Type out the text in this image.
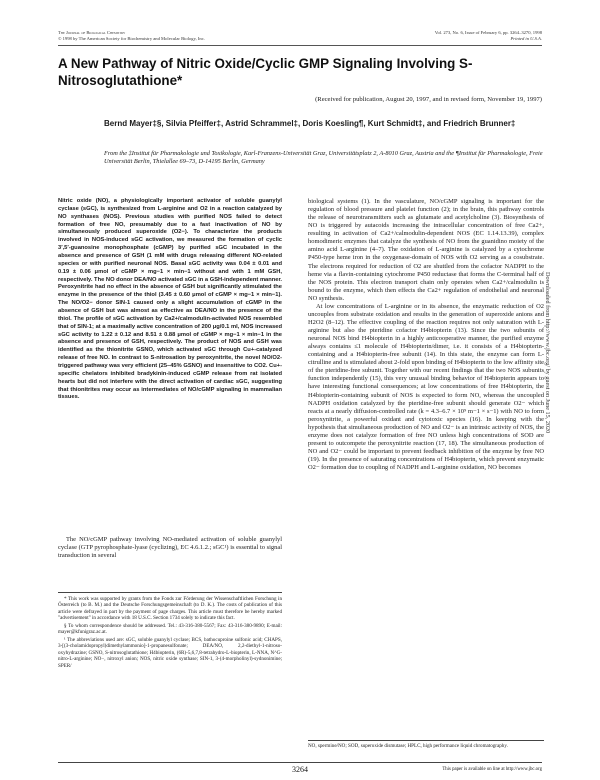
The Journal of Biological Chemistry
© 1998 by The American Society for Biochemistry and Molecular Biology, Inc.
Vol. 273, No. 6, Issue of February 6, pp. 3264–3270, 1998
Printed in U.S.A.
A New Pathway of Nitric Oxide/Cyclic GMP Signaling Involving S-Nitrosoglutathione*
(Received for publication, August 20, 1997, and in revised form, November 19, 1997)
Bernd Mayer‡§, Silvia Pfeiffer‡, Astrid Schrammel‡, Doris Koesling¶, Kurt Schmidt‡, and Friedrich Brunner‡
From the ‡Institut für Pharmakologie und Toxikologie, Karl-Franzens-Universität Graz, Universitätsplatz 2, A-8010 Graz, Austria and the ¶Institut für Pharmakologie, Freie Universität Berlin, Thielallee 69–73, D-14195 Berlin, Germany

Nitric oxide (NO), a physiologically important activator of soluble guanylyl cyclase (sGC), is synthesized from L-arginine and O2 in a reaction catalyzed by NO synthases (NOS). Previous studies with purified NOS failed to detect formation of free NO, presumably due to a fast inactivation of NO by simultaneously produced superoxide (O2−). To characterize the products involved in NOS-induced sGC activation, we measured the formation of cyclic 3′,5′-guanosine monophosphate (cGMP) by purified sGC incubated in the absence and presence of GSH (1 mM with drugs releasing different NO-related species or with purified neuronal NOS. Basal sGC activity was 0.04 ± 0.01 and 0.19 ± 0.06 μmol of cGMP × mg−1 × min−1 without and with 1 mM GSH, respectively. The NO donor DEA/NO activated sGC in a GSH-independent manner. Peroxynitrite had no effect in the absence of GSH but significantly stimulated the enzyme in the presence of the thiol (3.45 ± 0.60 μmol of cGMP × mg−1 × min−1). The NO/O2− donor SIN-1 caused only a slight accumulation of cGMP in the absence of GSH but was almost as effective as DEA/NO in the presence of the thiol. The profile of sGC activation by Ca2+/calmodulin-activated NOS resembled that of SIN-1; at a maximally active concentration of 200 μg/0.1 ml, NOS increased sGC activity to 1.22 ± 0.12 and 8.51 ± 0.88 μmol of cGMP × mg−1 × min−1 in the absence and presence of GSH, respectively. The product of NOS and GSH was identified as the thionitrite GSNO, which activated sGC through Cu+-catalyzed release of free NO. In contrast to S-nitrosation by peroxynitrite, the novel NO/O2-triggered pathway was very efficient (25–45% GSNO) and insensitive to CO2. Cu+-specific chelators inhibited bradykinin-induced cGMP release from rat isolated hearts but did not interfere with the direct activation of cardiac sGC, suggesting that thionitrites may occur as intermediates of NO/cGMP signaling in mammalian tissues.

The NO/cGMP pathway involving NO-mediated activation of soluble guanylyl cyclase (GTP pyrophosphate-lyase (cyclizing), EC 4.6.1.2.; sGC¹) is essential to signal transduction in several

* This work was supported by grants from the Fonds zur Förderung der Wissenschaftlichen Forschung in Österreich (to B. M.) and the Deutsche Forschungsgemeinschaft (to D. K.). The costs of publication of this article were defrayed in part by the payment of page charges. This article must therefore be hereby marked "advertisement" in accordance with 18 U.S.C. Section 1734 solely to indicate this fact.

§ To whom correspondence should be addressed. Tel.: 43-316-380-5567; Fax: 43-316-380-9890; E-mail: mayer@kfunigraz.ac.at.

¹ The abbreviations used are: sGC, soluble guanylyl cyclase; BCS, bathocuproine sulfonic acid; CHAPS, 3-[(3-cholamidopropyl)dimethylammonio]-1-propanesulfonate; DEA/NO, 2,2-diethyl-1-nitroso-oxyhydrazine; GSNO, S-nitrosoglutathione; H4biopterin, (6R)-5,6,7,8-tetrahydro-L-biopterin, L-NNA, N^G-nitro-L-arginine; NO−, nitroxyl anion; NOS, nitric oxide synthase; SIN-1, 3-(4-morpholinyl)-sydnonimine; SPER/

biological systems (1). In the vasculature, NO/cGMP signaling is important for the regulation of blood pressure and platelet function (2); in the brain, this pathway controls the release of neurotransmitters such as glutamate and acetylcholine (3). Biosynthesis of NO is triggered by autacoids increasing the intracellular concentration of free Ca2+, resulting in activation of Ca2+/calmodulin-dependent NOS (EC 1.14.13.39), complex homodimeric enzymes that catalyze the synthesis of NO from the guanidino moiety of the amino acid L-arginine (4–7). The oxidation of L-arginine is catalyzed by a cytochrome P450-type heme iron in the oxygenase-domain of NOS with O2 serving as a cosubstrate. The electrons required for reduction of O2 are shuttled from the cofactor NADPH to the heme via a flavin-containing cytochrome P450 reductase that forms the C-terminal half of the NOS protein. This electron transport chain only operates when Ca2+/calmodulin is bound to the enzyme, which then effects the Ca2+ regulation of endothelial and neuronal NO synthesis.

At low concentrations of L-arginine or in its absence, the enzymatic reduction of O2 uncouples from substrate oxidation and results in the generation of superoxide anions and H2O2 (8–12). The effective coupling of the reaction requires not only saturation with L-arginine but also the pteridine cofactor H4biopterin (13). Since the two subunits of neuronal NOS bind H4biopterin in a highly anticooperative manner, the purified enzyme always contains ≤1 molecule of H4biopterin/dimer, i.e. it consists of a H4biopterin-containing and a H4biopterin-free subunit (14). In this state, the enzyme can form L-citrulline and is stimulated about 2-fold upon binding of H4biopterin to the low affinity site of the pteridine-free subunit. Together with our recent findings that the two NOS subunits function independently (15), this very unusual binding behavior of H4biopterin appears to have interesting functional consequences; at low concentrations of free H4biopterin, the H4biopterin-containing subunit of NOS is expected to form NO, whereas the uncoupled NADPH oxidation catalyzed by the pteridine-free subunit should generate O2− which reacts at a nearly diffusion-controlled rate (k = 4.3–6.7 × 10⁹ m−1 × s−1) with NO to form peroxynitrite, a powerful oxidant and cytotoxic species (16). In keeping with the hypothesis that simultaneous production of NO and O2− is an intrinsic activity of NOS, the enzyme does not catalyze formation of free NO unless high concentrations of SOD are present to outcompete the peroxynitrite reaction (17, 18). The simultaneous production of NO and O2− could be important to prevent feedback inhibition of the enzyme by free NO (19). In the presence of saturating concentrations of H4biopterin, which prevent enzymatic O2− formation due to coupling of NADPH and L-arginine oxidation, NO becomes

NO, spermine/NO; SOD, superoxide dismutase; HPLC, high performance liquid chromatography.
3264	This paper is available on line at http://www.jbc.org
Downloaded from http://www.jbc.org/ by guest on June 15, 2020
